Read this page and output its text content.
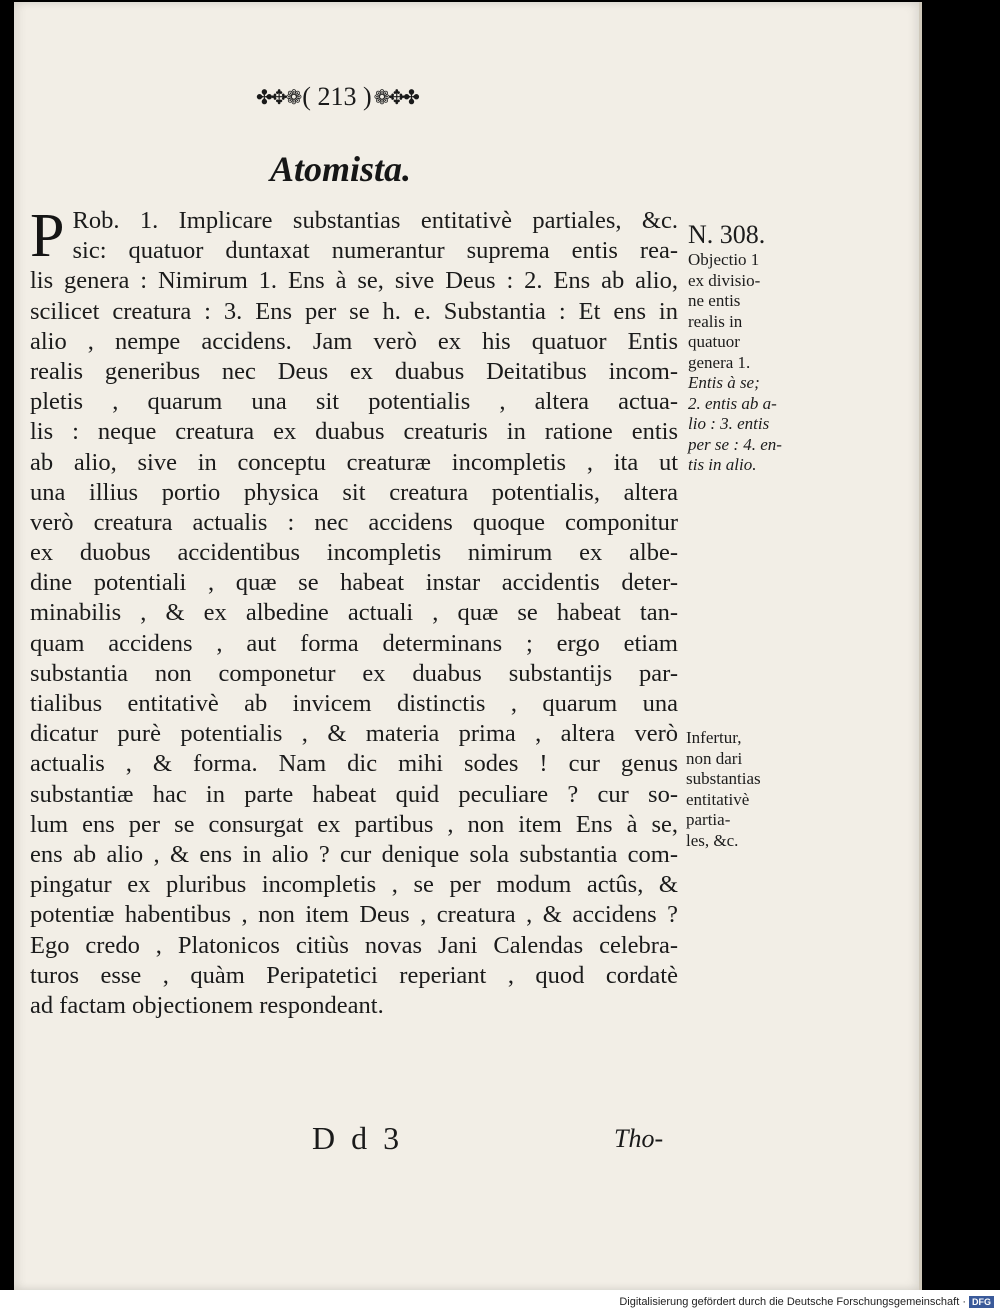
✤✥❁ ( 213 ) ❁✥✤
Atomista.
P Rob. 1. Implicare substantias entitativè partiales, &c.
sic: quatuor duntaxat numerantur suprema entis rea-
lis genera : Nimirum 1. Ens à se, sive Deus : 2. Ens ab alio,
scilicet creatura : 3. Ens per se h. e. Substantia : Et ens in
alio , nempe accidens. Jam verò ex his quatuor Entis
realis generibus nec Deus ex duabus Deitatibus incom-
pletis , quarum una sit potentialis , altera actua-
lis : neque creatura ex duabus creaturis in ratione entis
ab alio, sive in conceptu creaturæ incompletis , ita ut
una illius portio physica sit creatura potentialis, altera
verò creatura actualis : nec accidens quoque componitur
ex duobus accidentibus incompletis nimirum ex albe-
dine potentiali , quæ se habeat instar accidentis deter-
minabilis , & ex albedine actuali , quæ se habeat tan-
quam accidens , aut forma determinans ; ergo etiam
substantia non componetur ex duabus substantijs par-
tialibus entitativè ab invicem distinctis , quarum una
dicatur purè potentialis , & materia prima , altera verò
actualis , & forma. Nam dic mihi sodes ! cur genus
substantiæ hac in parte habeat quid peculiare ? cur so-
lum ens per se consurgat ex partibus , non item Ens à se,
ens ab alio , & ens in alio ? cur denique sola substantia com-
pingatur ex pluribus incompletis , se per modum actûs, &
potentiæ habentibus , non item Deus , creatura , & accidens ?
Ego credo , Platonicos citiùs novas Jani Calendas celebra-
turos esse , quàm Peripatetici reperiant , quod cordatè
ad factam objectionem respondeant.
N. 308.
Objectio 1
ex divisio-
ne entis
realis in
quatuor
genera 1.
Entis à se;
2. entis ab a-
lio : 3. entis
per se : 4. en-
tis in alio.
Infertur,
non dari
substantias
entitativè
partia-
les, &c.
D d 3	Tho-
Digitalisierung gefördert durch die Deutsche Forschungsgemeinschaft · DFG
